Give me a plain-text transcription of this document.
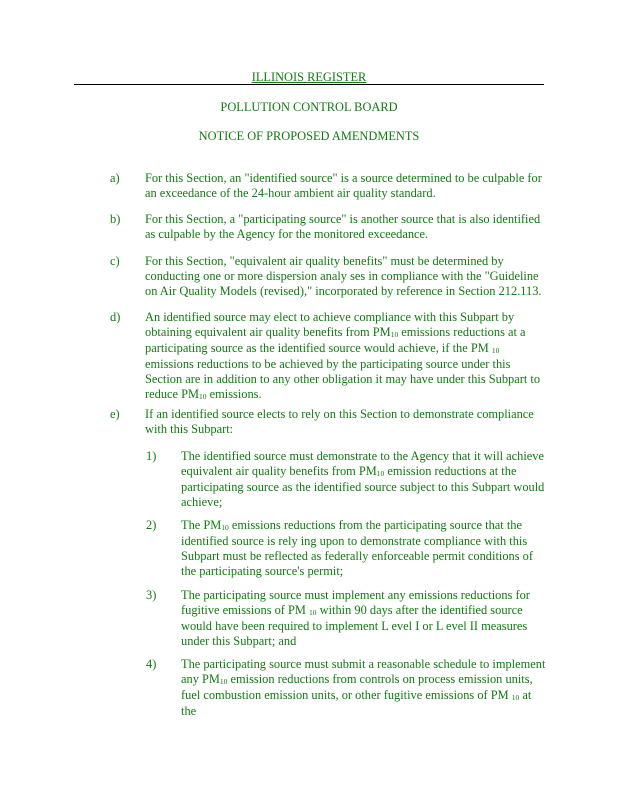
ILLINOIS REGISTER
POLLUTION CONTROL BOARD
NOTICE OF PROPOSED AMENDMENTS
a) For this Section, an "identified source" is a source determined to be culpable for an exceedance of the 24-hour ambient air quality standard.
b) For this Section, a "participating source" is another source that is also identified as culpable by the Agency for the monitored exceedance.
c) For this Section, "equivalent air quality benefits" must be determined by conducting one or more dispersion analy ses in compliance with the "Guideline on Air Quality Models (revised)," incorporated by reference in Section 212.113.
d) An identified source may elect to achieve compliance with this Subpart by obtaining equivalent air quality benefits from $PM_{10}$ emissions reductions at a participating source as the identified source would achieve, if the PM $_{10}$ emissions reductions to be achieved by the participating source under this Section are in addition to any other obligation it may have under this Subpart to reduce $PM_{10}$ emissions.
e) If an identified source elects to rely on this Section to demonstrate compliance with this Subpart:
1) The identified source must demonstrate to the Agency that it will achieve equivalent air quality benefits from $PM_{10}$ emission reductions at the participating source as the identified source subject to this Subpart would achieve;
2) The $PM_{10}$ emissions reductions from the participating source that the identified source is rely ing upon to demonstrate compliance with this Subpart must be reflected as federally enforceable permit conditions of the participating source's permit;
3) The participating source must implement any emissions reductions for fugitive emissions of PM $_{10}$ within 90 days after the identified source would have been required to implement L evel I or L evel II measures under this Subpart; and
4) The participating source must submit a reasonable schedule to implement any $PM_{10}$ emission reductions from controls on process emission units, fuel combustion emission units, or other fugitive emissions of PM $_{10}$ at the
